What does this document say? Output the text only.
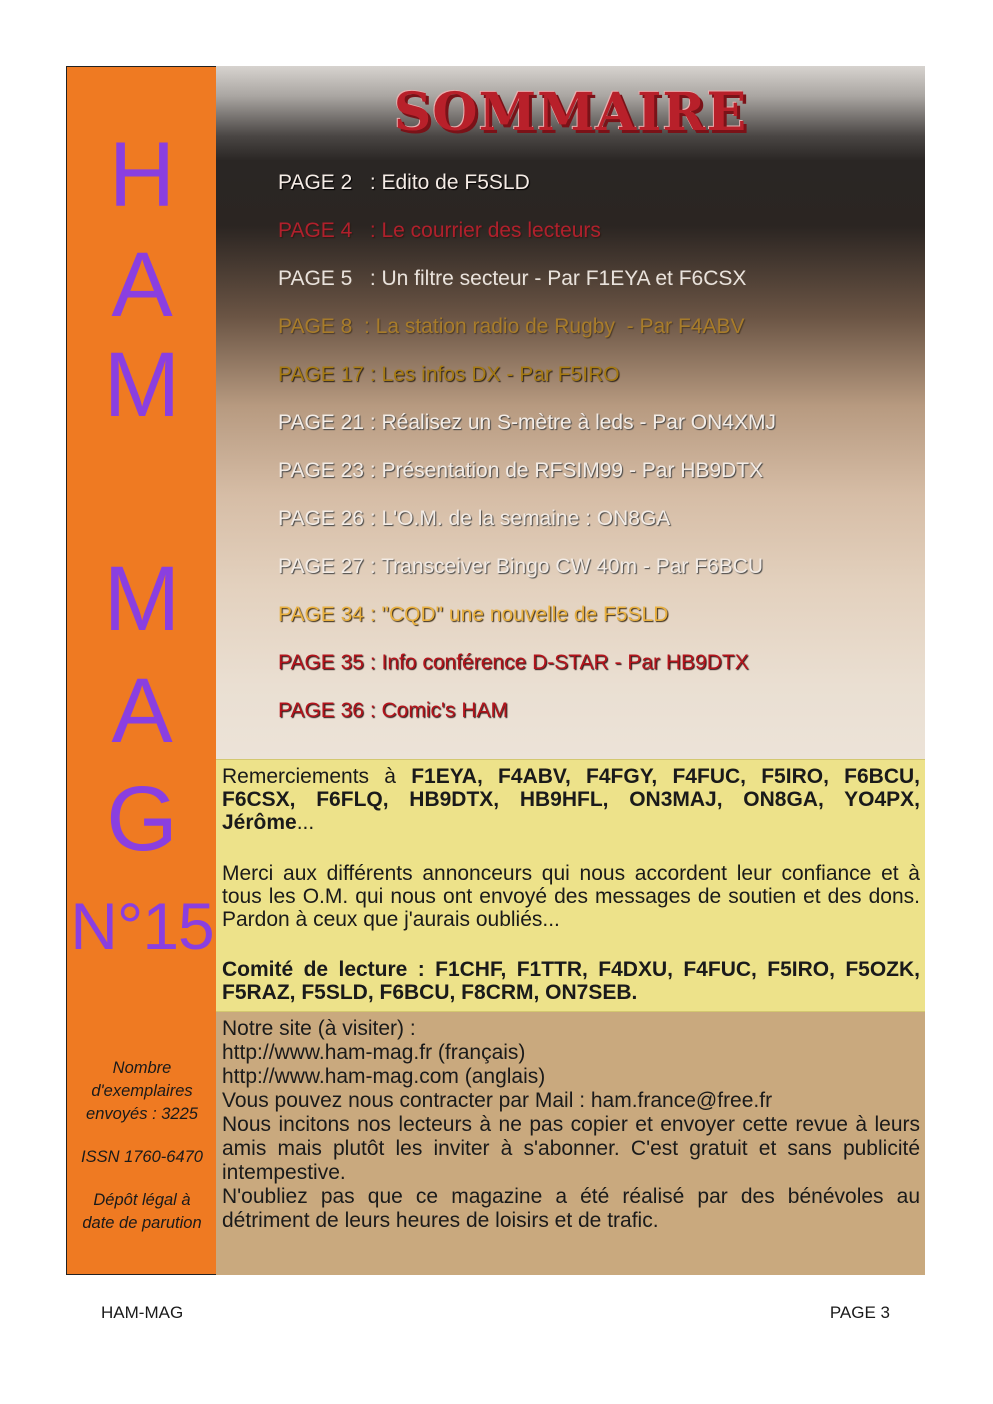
H
A
M
M
A
G
N°15
Nombre
d'exemplaires
envoyés : 3225
ISSN 1760-6470
Dépôt légal à
date de parution
SOMMAIRE
PAGE 2   : Edito de F5SLD
PAGE 4   : Le courrier des lecteurs
PAGE 5   : Un filtre secteur - Par F1EYA et F6CSX
PAGE 8  : La station radio de Rugby  - Par F4ABV
PAGE 17 : Les infos DX - Par F5IRO
PAGE 21 : Réalisez un S-mètre à leds - Par ON4XMJ
PAGE 23 : Présentation de RFSIM99 - Par HB9DTX
PAGE 26 : L'O.M. de la semaine : ON8GA
PAGE 27 : Transceiver Bingo CW 40m - Par F6BCU
PAGE 34 : "CQD" une nouvelle de F5SLD
PAGE 35 : Info conférence D-STAR - Par HB9DTX
PAGE 36 : Comic's HAM
Remerciements à F1EYA, F4ABV, F4FGY, F4FUC, F5IRO, F6BCU, F6CSX, F6FLQ, HB9DTX, HB9HFL, ON3MAJ, ON8GA, YO4PX, Jérôme...
Merci aux différents annonceurs qui nous accordent leur confiance et à tous les O.M. qui nous ont envoyé des messages de soutien et des dons. Pardon à ceux que j'aurais oubliés...
Comité de lecture : F1CHF, F1TTR, F4DXU, F4FUC, F5IRO, F5OZK, F5RAZ, F5SLD, F6BCU, F8CRM, ON7SEB.
Notre site (à visiter) :
http://www.ham-mag.fr (français)
http://www.ham-mag.com (anglais)
Vous pouvez nous contracter par Mail : ham.france@free.fr
Nous incitons nos lecteurs à ne pas copier et envoyer cette revue à leurs amis mais plutôt les inviter à s'abonner. C'est gratuit et sans publicité intempestive.
N'oubliez pas que ce magazine a été réalisé par des bénévoles au détriment de leurs heures de loisirs et de trafic.
HAM-MAG	PAGE 3
